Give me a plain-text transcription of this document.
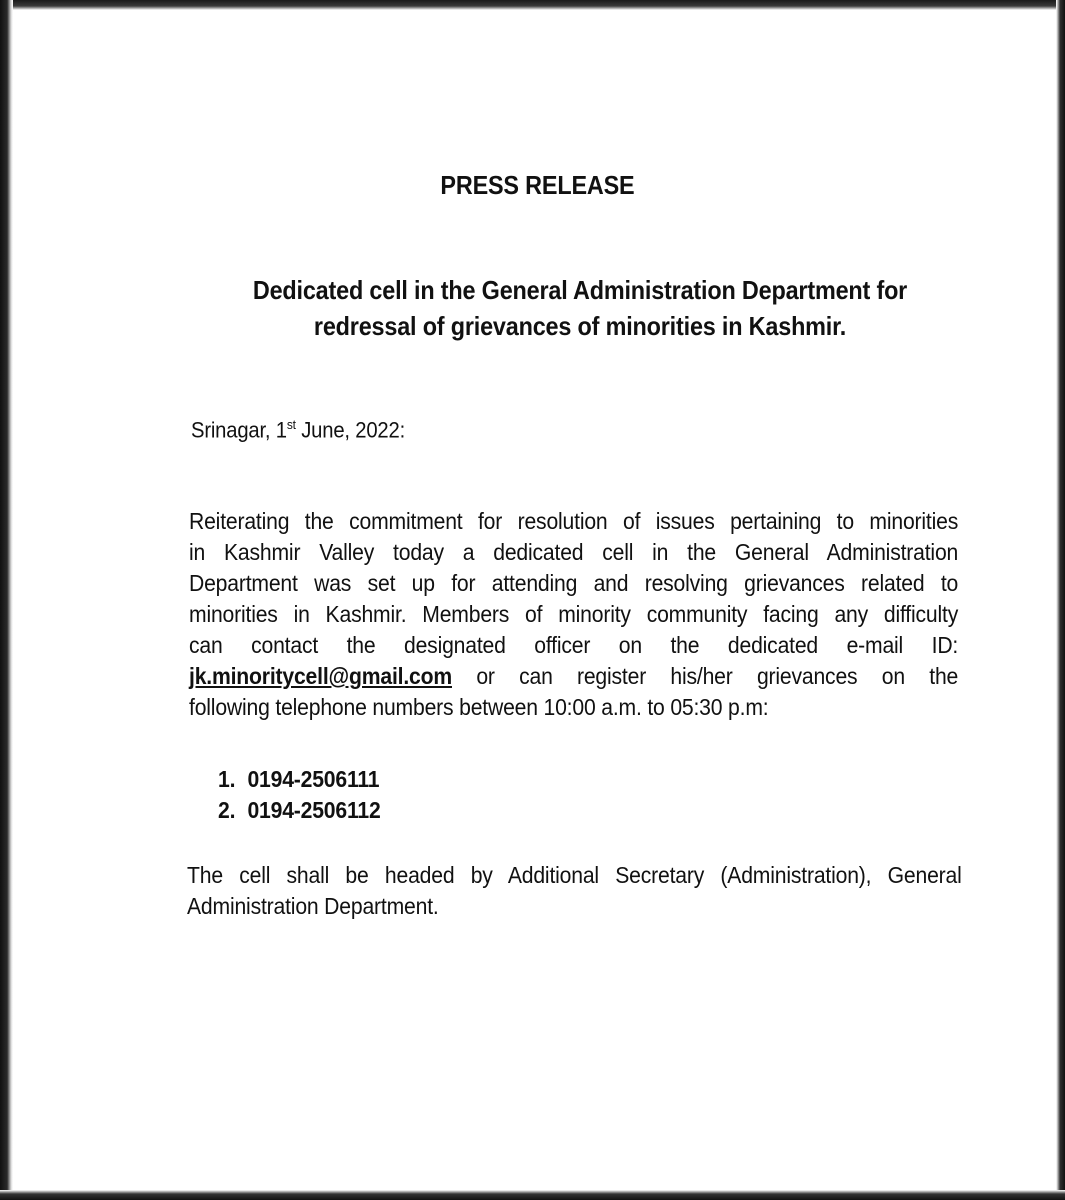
PRESS RELEASE
Dedicated cell in the General Administration Department for
redressal of grievances of minorities in Kashmir.
Srinagar, 1st June, 2022:
Reiterating the commitment for resolution of issues pertaining to minorities
in Kashmir Valley today a dedicated cell in the General Administration
Department was set up for attending and resolving grievances related to
minorities in Kashmir. Members of minority community facing any difficulty
can contact the designated officer on the dedicated e-mail ID:
jk.minoritycell@gmail.com or can register his/her grievances on the
following telephone numbers between 10:00 a.m. to 05:30 p.m:
1. 0194-2506111
2. 0194-2506112
The cell shall be headed by Additional Secretary (Administration), General
Administration Department.
